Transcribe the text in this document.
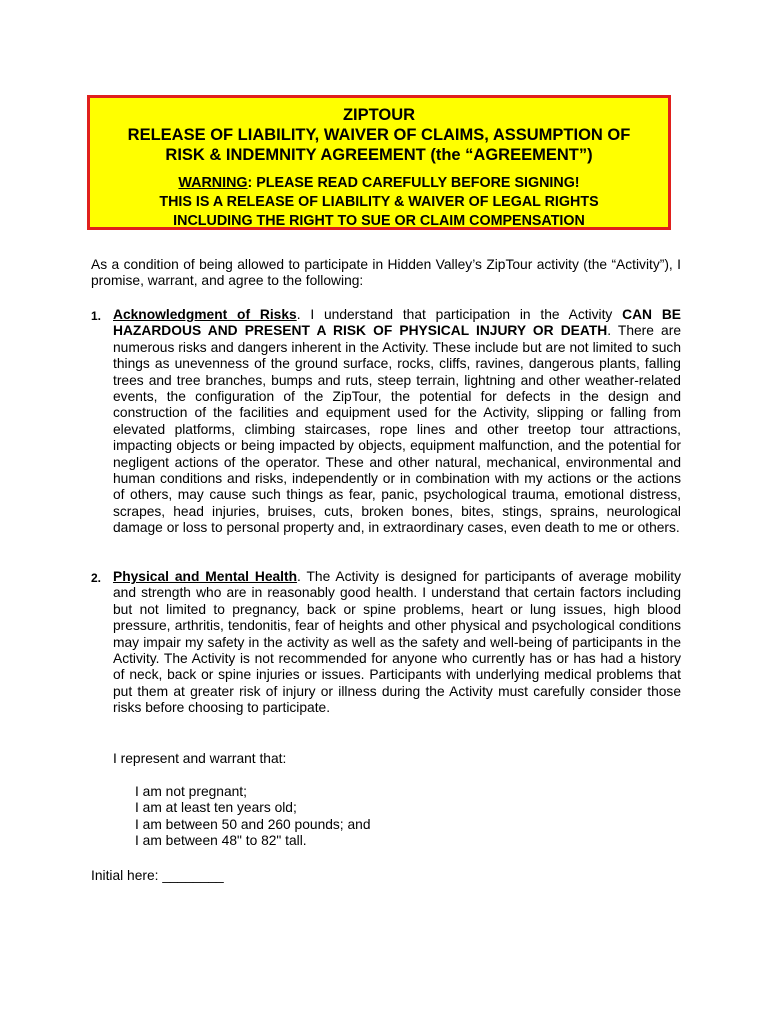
ZIPTOUR
RELEASE OF LIABILITY, WAIVER OF CLAIMS, ASSUMPTION OF
RISK & INDEMNITY AGREEMENT (the “AGREEMENT”)
WARNING: PLEASE READ CAREFULLY BEFORE SIGNING!
THIS IS A RELEASE OF LIABILITY & WAIVER OF LEGAL RIGHTS
INCLUDING THE RIGHT TO SUE OR CLAIM COMPENSATION
As a condition of being allowed to participate in Hidden Valley’s ZipTour activity (the “Activity”), I promise, warrant, and agree to the following:
1. Acknowledgment of Risks. I understand that participation in the Activity CAN BE HAZARDOUS AND PRESENT A RISK OF PHYSICAL INJURY OR DEATH. There are numerous risks and dangers inherent in the Activity. These include but are not limited to such things as unevenness of the ground surface, rocks, cliffs, ravines, dangerous plants, falling trees and tree branches, bumps and ruts, steep terrain, lightning and other weather-related events, the configuration of the ZipTour, the potential for defects in the design and construction of the facilities and equipment used for the Activity, slipping or falling from elevated platforms, climbing staircases, rope lines and other treetop tour attractions, impacting objects or being impacted by objects, equipment malfunction, and the potential for negligent actions of the operator. These and other natural, mechanical, environmental and human conditions and risks, independently or in combination with my actions or the actions of others, may cause such things as fear, panic, psychological trauma, emotional distress, scrapes, head injuries, bruises, cuts, broken bones, bites, stings, sprains, neurological damage or loss to personal property and, in extraordinary cases, even death to me or others.
2. Physical and Mental Health. The Activity is designed for participants of average mobility and strength who are in reasonably good health. I understand that certain factors including but not limited to pregnancy, back or spine problems, heart or lung issues, high blood pressure, arthritis, tendonitis, fear of heights and other physical and psychological conditions may impair my safety in the activity as well as the safety and well-being of participants in the Activity. The Activity is not recommended for anyone who currently has or has had a history of neck, back or spine injuries or issues. Participants with underlying medical problems that put them at greater risk of injury or illness during the Activity must carefully consider those risks before choosing to participate.
I represent and warrant that:
I am not pregnant;
I am at least ten years old;
I am between 50 and 260 pounds; and
I am between 48" to 82" tall.
Initial here: ________
